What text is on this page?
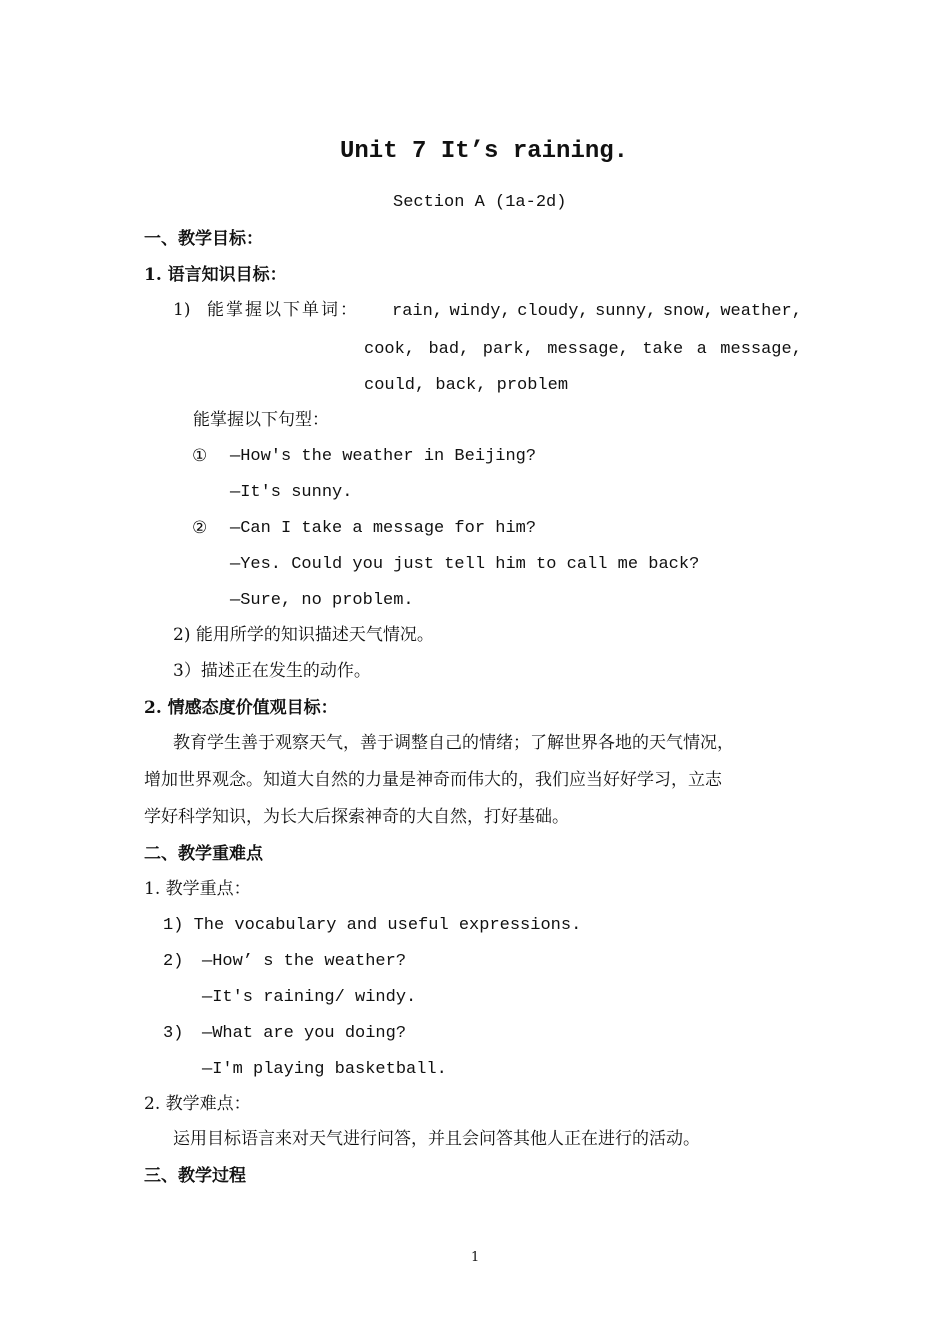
Unit 7 It’s raining.
Section A (1a-2d)
一、教学目标：
1. 语言知识目标：
1) 能掌握以下单词： rain, windy, cloudy, sunny, snow, weather,
cook, bad, park, message, take a message,
could, back, problem
能掌握以下句型：
① —How's the weather in Beijing?
—It's sunny.
② —Can I take a message for him?
—Yes. Could you just tell him to call me back?
—Sure, no problem.
2) 能用所学的知识描述天气情况。
3）描述正在发生的动作。
2. 情感态度价值观目标：
教育学生善于观察天气，善于调整自己的情绪；了解世界各地的天气情况，
增加世界观念。知道大自然的力量是神奇而伟大的，我们应当好好学习，立志
学好科学知识，为长大后探索神奇的大自然，打好基础。
二、教学重难点
1. 教学重点：
1) The vocabulary and useful expressions.
2) —How’ s the weather?
—It's raining/ windy.
3) —What are you doing?
—I'm playing basketball.
2. 教学难点：
运用目标语言来对天气进行问答，并且会问答其他人正在进行的活动。
三、教学过程
1
